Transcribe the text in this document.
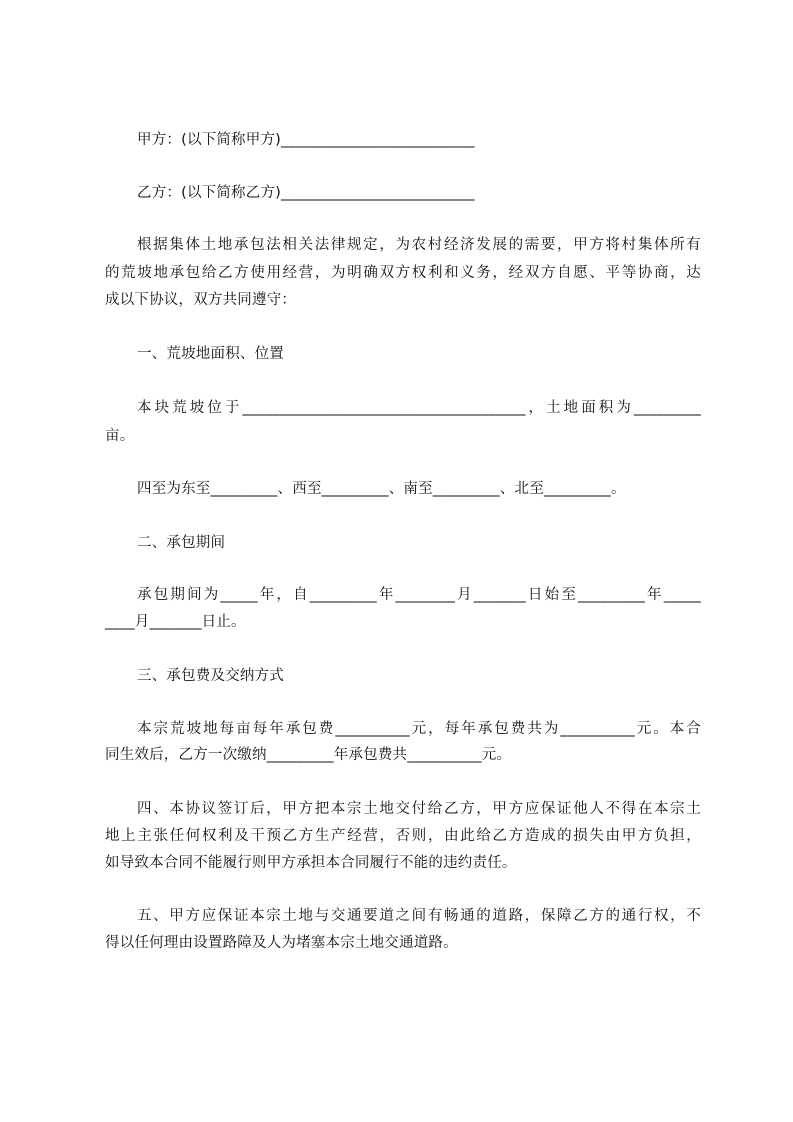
甲方：(以下简称甲方)__________________________
乙方：(以下简称乙方)__________________________
根据集体土地承包法相关法律规定，为农村经济发展的需要，甲方将村集体所有
的荒坡地承包给乙方使用经营，为明确双方权利和义务，经双方自愿、平等协商，达
成以下协议，双方共同遵守：
一、荒坡地面积、位置
本块荒坡位于______________________________________，土地面积为_________
亩。
四至为东至_________、西至_________、南至_________、北至_________。
二、承包期间
承包期间为_____年，自_________年________月_______日始至_________年_____
____月_______日止。
三、承包费及交纳方式
本宗荒坡地每亩每年承包费__________元，每年承包费共为__________元。本合
同生效后，乙方一次缴纳_________年承包费共__________元。
四、本协议签订后，甲方把本宗土地交付给乙方，甲方应保证他人不得在本宗土
地上主张任何权利及干预乙方生产经营，否则，由此给乙方造成的损失由甲方负担，
如导致本合同不能履行则甲方承担本合同履行不能的违约责任。
五、甲方应保证本宗土地与交通要道之间有畅通的道路，保障乙方的通行权，不
得以任何理由设置路障及人为堵塞本宗土地交通道路。
